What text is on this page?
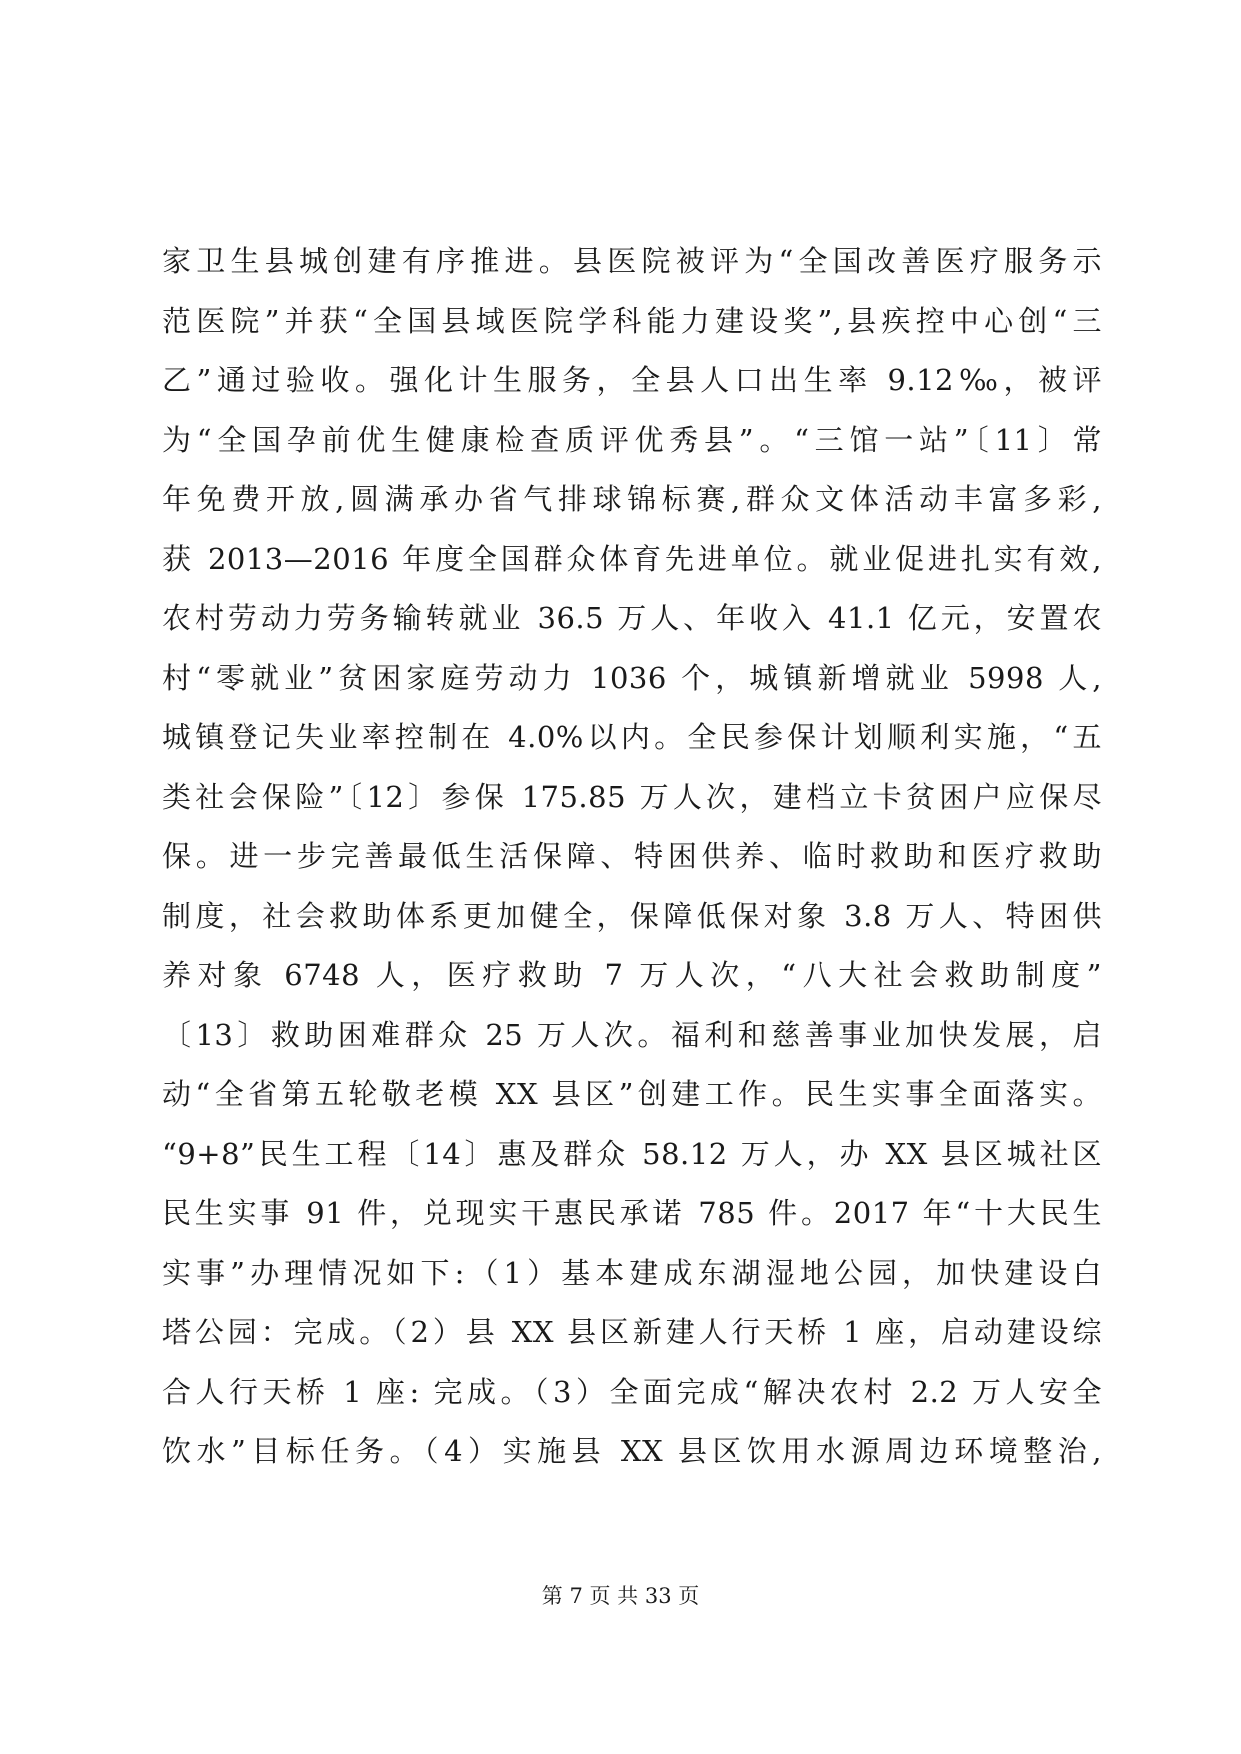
家卫生县城创建有序推进。县医院被评为“全国改善医疗服务示
范医院”并获“全国县域医院学科能力建设奖”,县疾控中心创“三
乙”通过验收。强化计生服务，全县人口出生率 9.12‰，被评
为“全国孕前优生健康检查质评优秀县”。“三馆一站”〔11〕常
年免费开放,圆满承办省气排球锦标赛,群众文体活动丰富多彩,
获 2013—2016 年度全国群众体育先进单位。就业促进扎实有效,
农村劳动力劳务输转就业 36.5 万人、年收入 41.1 亿元，安置农
村“零就业”贫困家庭劳动力 1036 个，城镇新增就业 5998 人,
城镇登记失业率控制在 4.0%以内。全民参保计划顺利实施，“五
类社会保险”〔12〕参保 175.85 万人次，建档立卡贫困户应保尽
保。进一步完善最低生活保障、特困供养、临时救助和医疗救助
制度，社会救助体系更加健全，保障低保对象 3.8 万人、特困供
养对象 6748 人，医疗救助 7 万人次，“八大社会救助制度”
〔13〕救助困难群众 25 万人次。福利和慈善事业加快发展，启
动“全省第五轮敬老模 XX 县区”创建工作。民生实事全面落实。
“9+8”民生工程〔14〕惠及群众 58.12 万人，办 XX 县区城社区
民生实事 91 件，兑现实干惠民承诺 785 件。2017 年“十大民生
实事”办理情况如下:（1）基本建成东湖湿地公园，加快建设白
塔公园：完成。（2）县 XX 县区新建人行天桥 1 座，启动建设综
合人行天桥 1 座: 完成。（3）全面完成“解决农村 2.2 万人安全
饮水”目标任务。（4）实施县 XX 县区饮用水源周边环境整治,
第 7 页 共 33 页
